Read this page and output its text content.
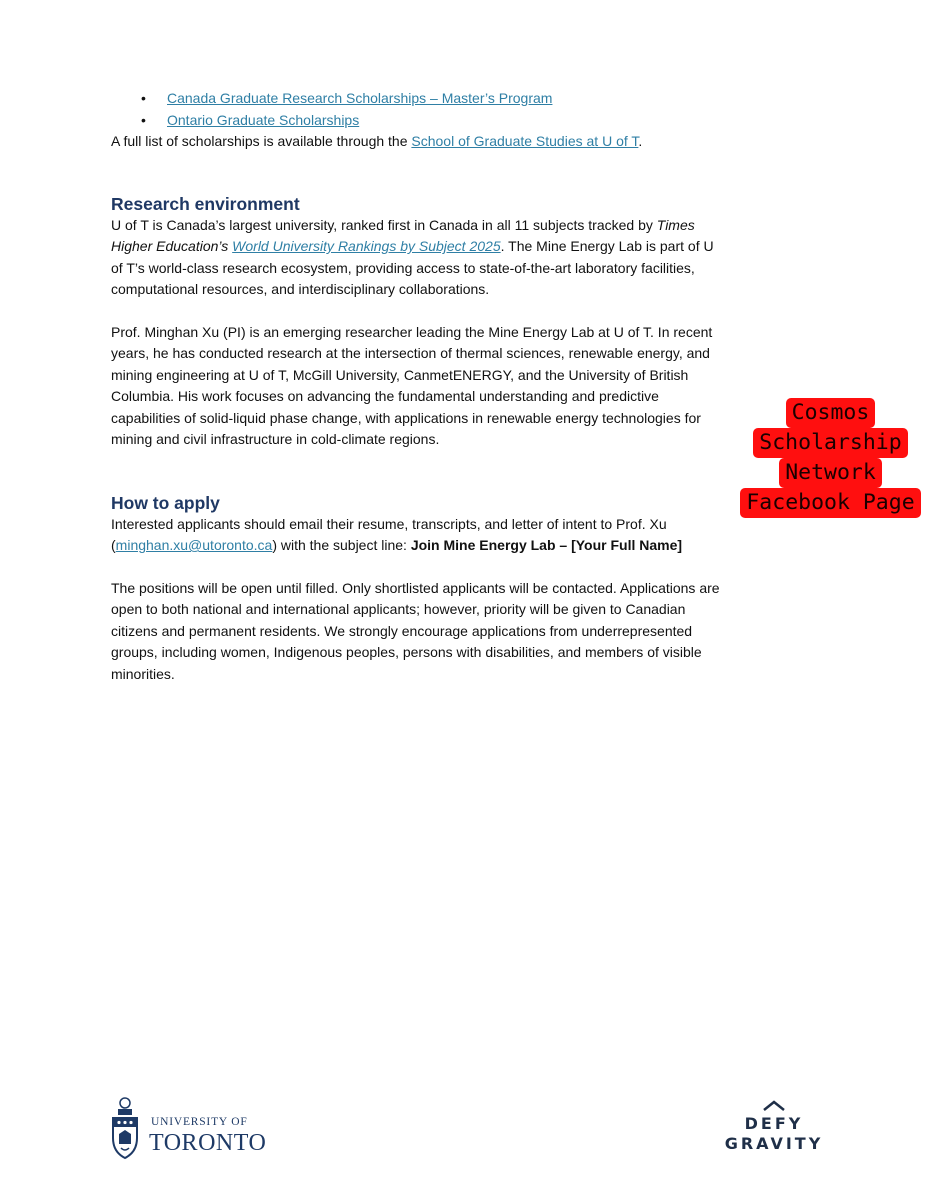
• Canada Graduate Research Scholarships – Master’s Program
• Ontario Graduate Scholarships

A full list of scholarships is available through the School of Graduate Studies at U of T.

Research environment

U of T is Canada’s largest university, ranked first in Canada in all 11 subjects tracked by Times Higher Education’s World University Rankings by Subject 2025. The Mine Energy Lab is part of U of T’s world-class research ecosystem, providing access to state-of-the-art laboratory facilities, computational resources, and interdisciplinary collaborations.

Prof. Minghan Xu (PI) is an emerging researcher leading the Mine Energy Lab at U of T. In recent years, he has conducted research at the intersection of thermal sciences, renewable energy, and mining engineering at U of T, McGill University, CanmetENERGY, and the University of British Columbia. His work focuses on advancing the fundamental understanding and predictive capabilities of solid-liquid phase change, with applications in renewable energy technologies for mining and civil infrastructure in cold-climate regions.

How to apply

Interested applicants should email their resume, transcripts, and letter of intent to Prof. Xu (minghan.xu@utoronto.ca) with the subject line: Join Mine Energy Lab – [Your Full Name]

The positions will be open until filled. Only shortlisted applicants will be contacted. Applications are open to both national and international applicants; however, priority will be given to Canadian citizens and permanent residents. We strongly encourage applications from underrepresented groups, including women, Indigenous peoples, persons with disabilities, and members of visible minorities.

Cosmos
Scholarship
Network
Facebook Page
UNIVERSITY OF
TORONTO
DEFY
GRAVITY
